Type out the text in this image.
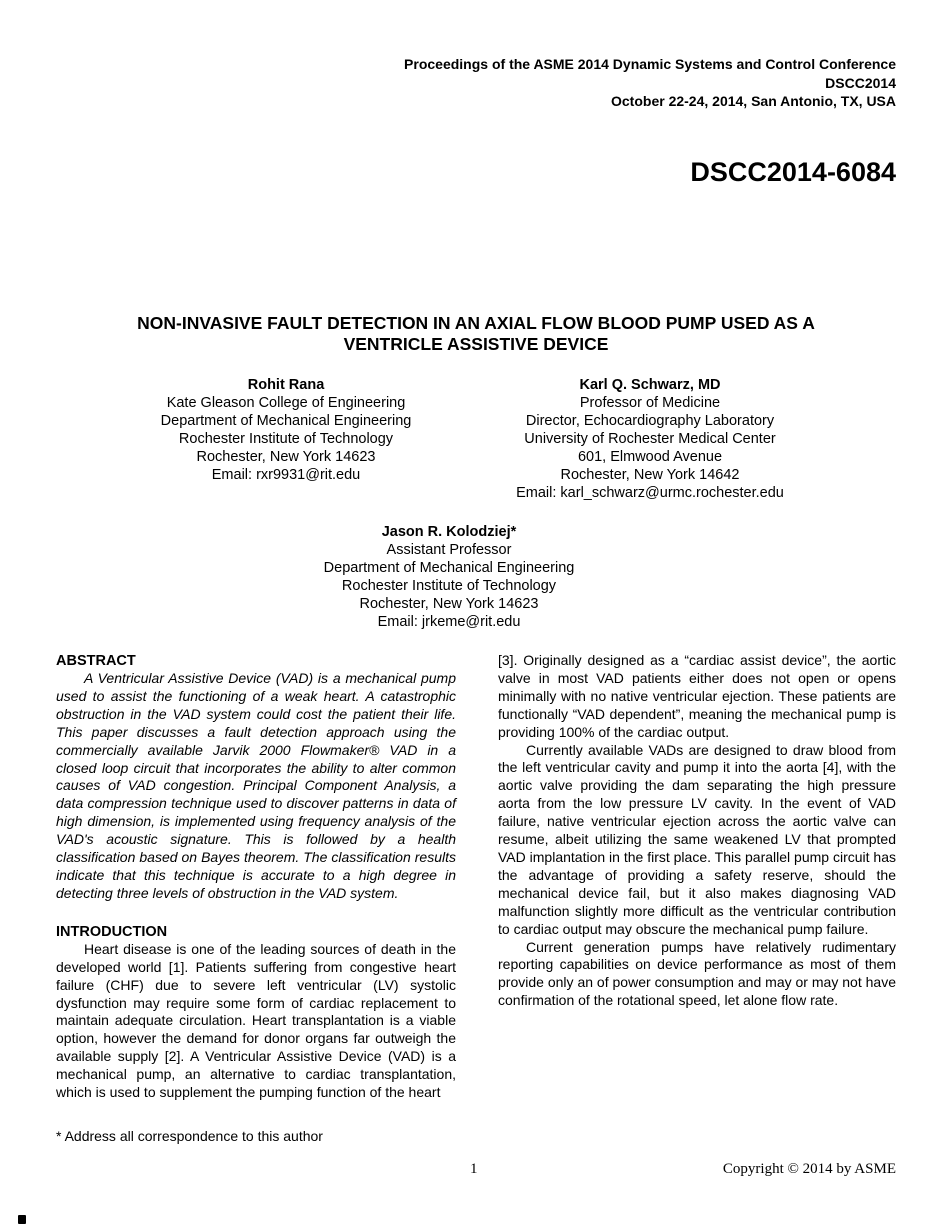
Proceedings of the ASME 2014 Dynamic Systems and Control Conference
DSCC2014
October 22-24, 2014, San Antonio, TX, USA
DSCC2014-6084
NON-INVASIVE FAULT DETECTION IN AN AXIAL FLOW BLOOD PUMP USED AS A
VENTRICLE ASSISTIVE DEVICE
Rohit Rana
Kate Gleason College of Engineering
Department of Mechanical Engineering
Rochester Institute of Technology
Rochester, New York 14623
Email: rxr9931@rit.edu
Karl Q. Schwarz, MD
Professor of Medicine
Director, Echocardiography Laboratory
University of Rochester Medical Center
601, Elmwood Avenue
Rochester, New York 14642
Email: karl_schwarz@urmc.rochester.edu
Jason R. Kolodziej*
Assistant Professor
Department of Mechanical Engineering
Rochester Institute of Technology
Rochester, New York 14623
Email: jrkeme@rit.edu

ABSTRACT

A Ventricular Assistive Device (VAD) is a mechanical pump used to assist the functioning of a weak heart. A catastrophic obstruction in the VAD system could cost the patient their life. This paper discusses a fault detection approach using the commercially available Jarvik 2000 Flowmaker® VAD in a closed loop circuit that incorporates the ability to alter common causes of VAD congestion. Principal Component Analysis, a data compression technique used to discover patterns in data of high dimension, is implemented using frequency analysis of the VAD's acoustic signature. This is followed by a health classification based on Bayes theorem. The classification results indicate that this technique is accurate to a high degree in detecting three levels of obstruction in the VAD system.

INTRODUCTION

Heart disease is one of the leading sources of death in the developed world [1]. Patients suffering from congestive heart failure (CHF) due to severe left ventricular (LV) systolic dysfunction may require some form of cardiac replacement to maintain adequate circulation. Heart transplantation is a viable option, however the demand for donor organs far outweigh the available supply [2]. A Ventricular Assistive Device (VAD) is a mechanical pump, an alternative to cardiac transplantation, which is used to supplement the pumping function of the heart

* Address all correspondence to this author

[3]. Originally designed as a “cardiac assist device”, the aortic valve in most VAD patients either does not open or opens minimally with no native ventricular ejection. These patients are functionally “VAD dependent”, meaning the mechanical pump is providing 100% of the cardiac output.

Currently available VADs are designed to draw blood from the left ventricular cavity and pump it into the aorta [4], with the aortic valve providing the dam separating the high pressure aorta from the low pressure LV cavity. In the event of VAD failure, native ventricular ejection across the aortic valve can resume, albeit utilizing the same weakened LV that prompted VAD implantation in the first place. This parallel pump circuit has the advantage of providing a safety reserve, should the mechanical device fail, but it also makes diagnosing VAD malfunction slightly more difficult as the ventricular contribution to cardiac output may obscure the mechanical pump failure.

Current generation pumps have relatively rudimentary reporting capabilities on device performance as most of them provide only an of power consumption and may or may not have confirmation of the rotational speed, let alone flow rate.

1	Copyright © 2014 by ASME
